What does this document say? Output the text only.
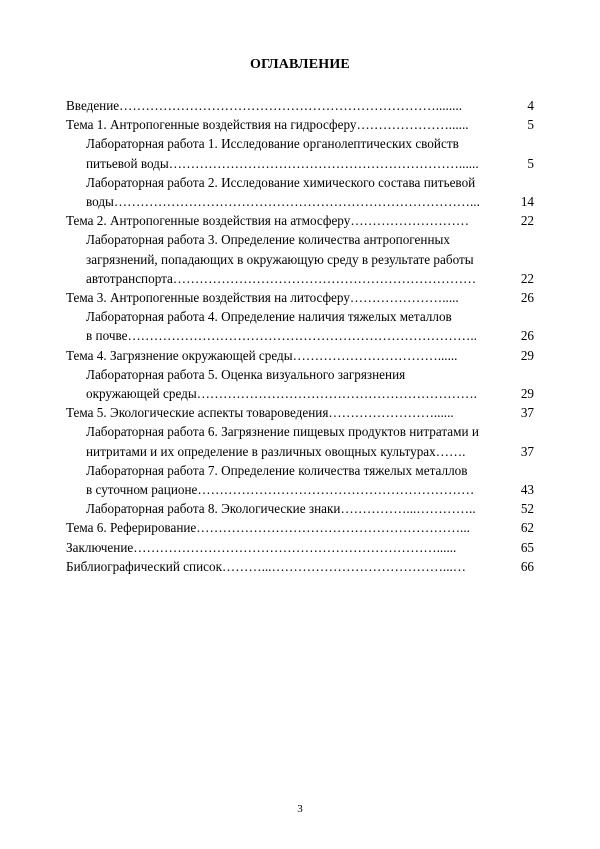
ОГЛАВЛЕНИЕ
Введение………………………………………………………………........	4
Тема 1. Антропогенные воздействия на гидросферу…………………......	5
Лабораторная работа 1. Исследование органолептических свойств
питьевой воды…………………………………………………………......	5
Лабораторная работа 2. Исследование химического состава питьевой
воды………………………………………………………………………...	14
Тема 2. Антропогенные воздействия на атмосферу………………………	22
Лабораторная работа 3. Определение количества антропогенных
загрязнений, попадающих в окружающую среду в результате работы
автотранспорта……………………………………………………………	22
Тема 3. Антропогенные воздействия на литосферу………………….....	26
Лабораторная работа 4. Определение наличия тяжелых металлов
в почве……………………………………………………………………..	26
Тема 4. Загрязнение окружающей среды……………………………......	29
Лабораторная работа 5. Оценка визуального загрязнения
окружающей среды……………………………………………………….	29
Тема 5. Экологические аспекты товароведения……………………......	37
Лабораторная работа 6. Загрязнение пищевых продуктов нитратами и
нитритами и их определение в различных овощных культурах…….	37
Лабораторная работа 7. Определение количества тяжелых металлов
в суточном рационе………………………………………………………	43
Лабораторная работа 8. Экологические знаки……………...…………..	52
Тема 6. Реферирование……………………………………………………...	62
Заключение……………………………………………………………......	65
Библиографический список………...…………………………………...…	66
3
